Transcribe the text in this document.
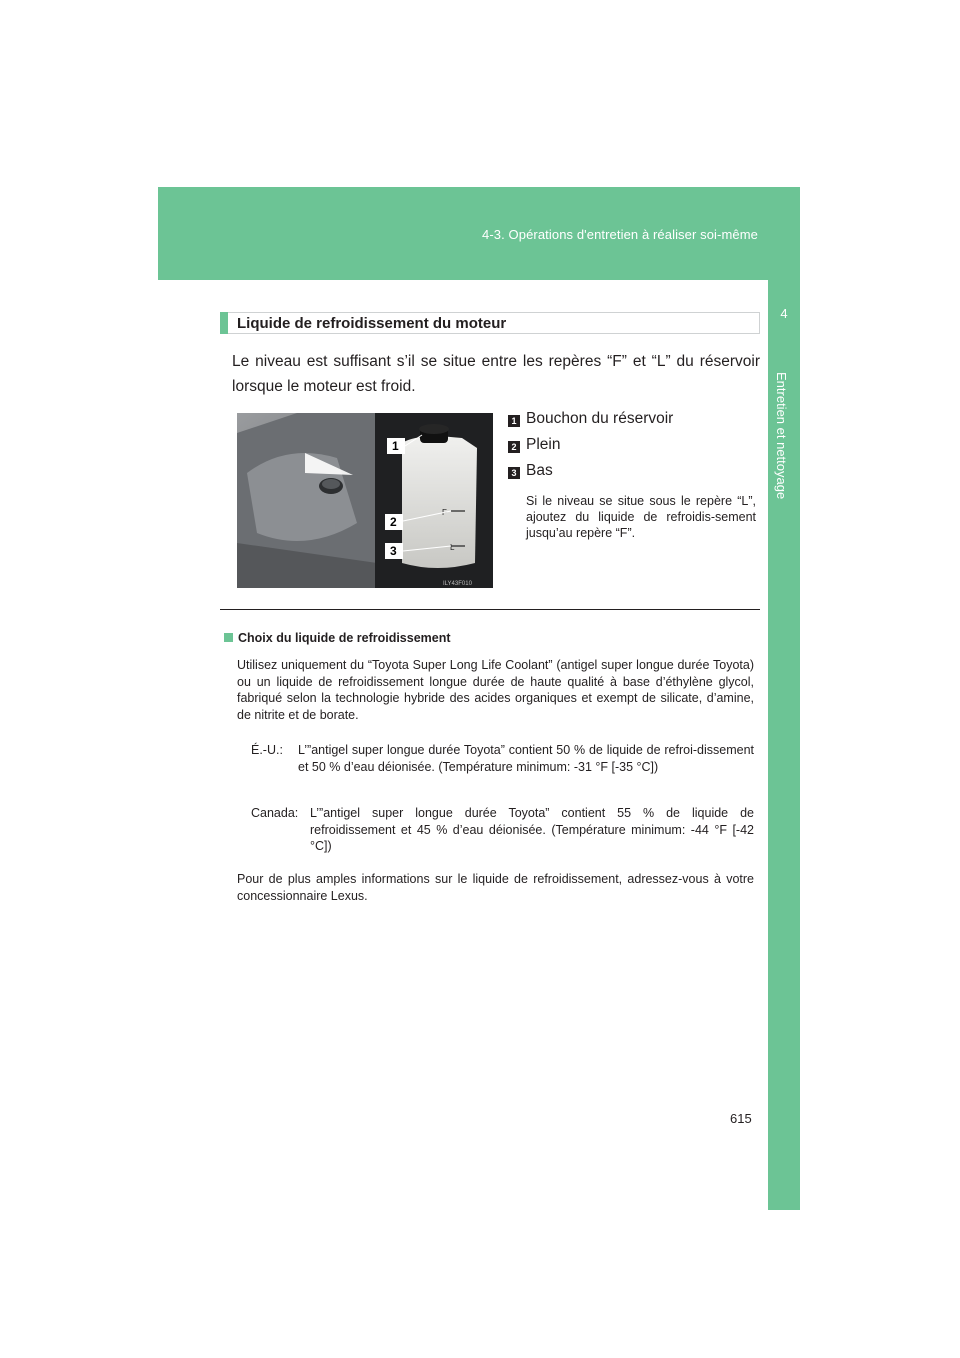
4-3. Opérations d'entretien à réaliser soi-même
4
Entretien et nettoyage
Liquide de refroidissement du moteur
Le niveau est suffisant s’il se situe entre les repères “F” et “L” du réservoir lorsque le moteur est froid.
L
1
2
3
ILY43F010
1 Bouchon du réservoir
2 Plein
3 Bas
Si le niveau se situe sous le repère “L”, ajoutez du liquide de refroidis-sement jusqu’au repère “F”.
Choix du liquide de refroidissement
Utilisez uniquement du “Toyota Super Long Life Coolant” (antigel super longue durée Toyota) ou un liquide de refroidissement longue durée de haute qualité à base d’éthylène glycol, fabriqué selon la technologie hybride des acides organiques et exempt de silicate, d’amine, de nitrite et de borate.
É.-U.: L’”antigel super longue durée Toyota” contient 50 % de liquide de refroi-dissement et 50 % d’eau déionisée. (Température minimum: -31 °F [-35 °C])
Canada: L’”antigel super longue durée Toyota” contient 55 % de liquide de refroidissement et 45 % d’eau déionisée. (Température minimum: -44 °F [-42 °C])
Pour de plus amples informations sur le liquide de refroidissement, adressez-vous à votre concessionnaire Lexus.
615
